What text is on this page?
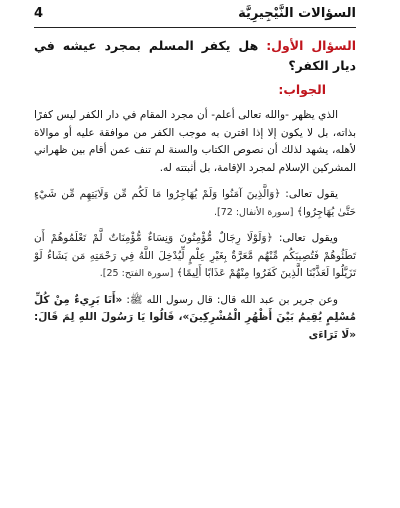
السؤالات النَّيْجِيرِيَّة
4

السؤال الأول: هل يكفر المسلم بمجرد عيشه في ديار الكفر؟

الجواب:

الذي يظهر -والله تعالى أعلم- أن مجرد المقام في دار الكفر ليس كفرًا بذاته، بل لا يكون إلا إذا اقترن به موجب الكفر من موافقة عليه أو موالاة لأهله، يشهد لذلك أن نصوص الكتاب والسنة لم تنف عمن أقام بين ظهراني المشركين الإسلام لمجرد الإقامة، بل أثبتته له.

يقول تعالى: ﴿وَالَّذِينَ آمَنُوا وَلَمْ يُهَاجِرُوا مَا لَكُم مِّن وَلَايَتِهِم مِّن شَيْءٍ حَتَّىٰ يُهَاجِرُوا﴾ [سورة الأنفال: 72].

ويقول تعالى: ﴿وَلَوْلَا رِجَالٌ مُّؤْمِنُونَ وَنِسَاءٌ مُّؤْمِنَاتٌ لَّمْ تَعْلَمُوهُمْ أَن تَطَئُوهُمْ فَتُصِيبَكُم مِّنْهُم مَّعَرَّةٌ بِغَيْرِ عِلْمٍ لِّيُدْخِلَ اللَّهُ فِي رَحْمَتِهِ مَن يَشَاءُ لَوْ تَزَيَّلُوا لَعَذَّبْنَا الَّذِينَ كَفَرُوا مِنْهُمْ عَذَابًا أَلِيمًا﴾ [سورة الفتح: 25].

وعن جرير بن عبد الله قال: قال رسول الله ﷺ: «أَنَا بَرِيءٌ مِنْ كُلِّ مُسْلِمٍ يُقِيمُ بَيْنَ أَظْهُرِ الْمُشْرِكِينَ»، قَالُوا يَا رَسُولَ اللهِ لِمَ قَالَ: «لَا تَرَاءَى
